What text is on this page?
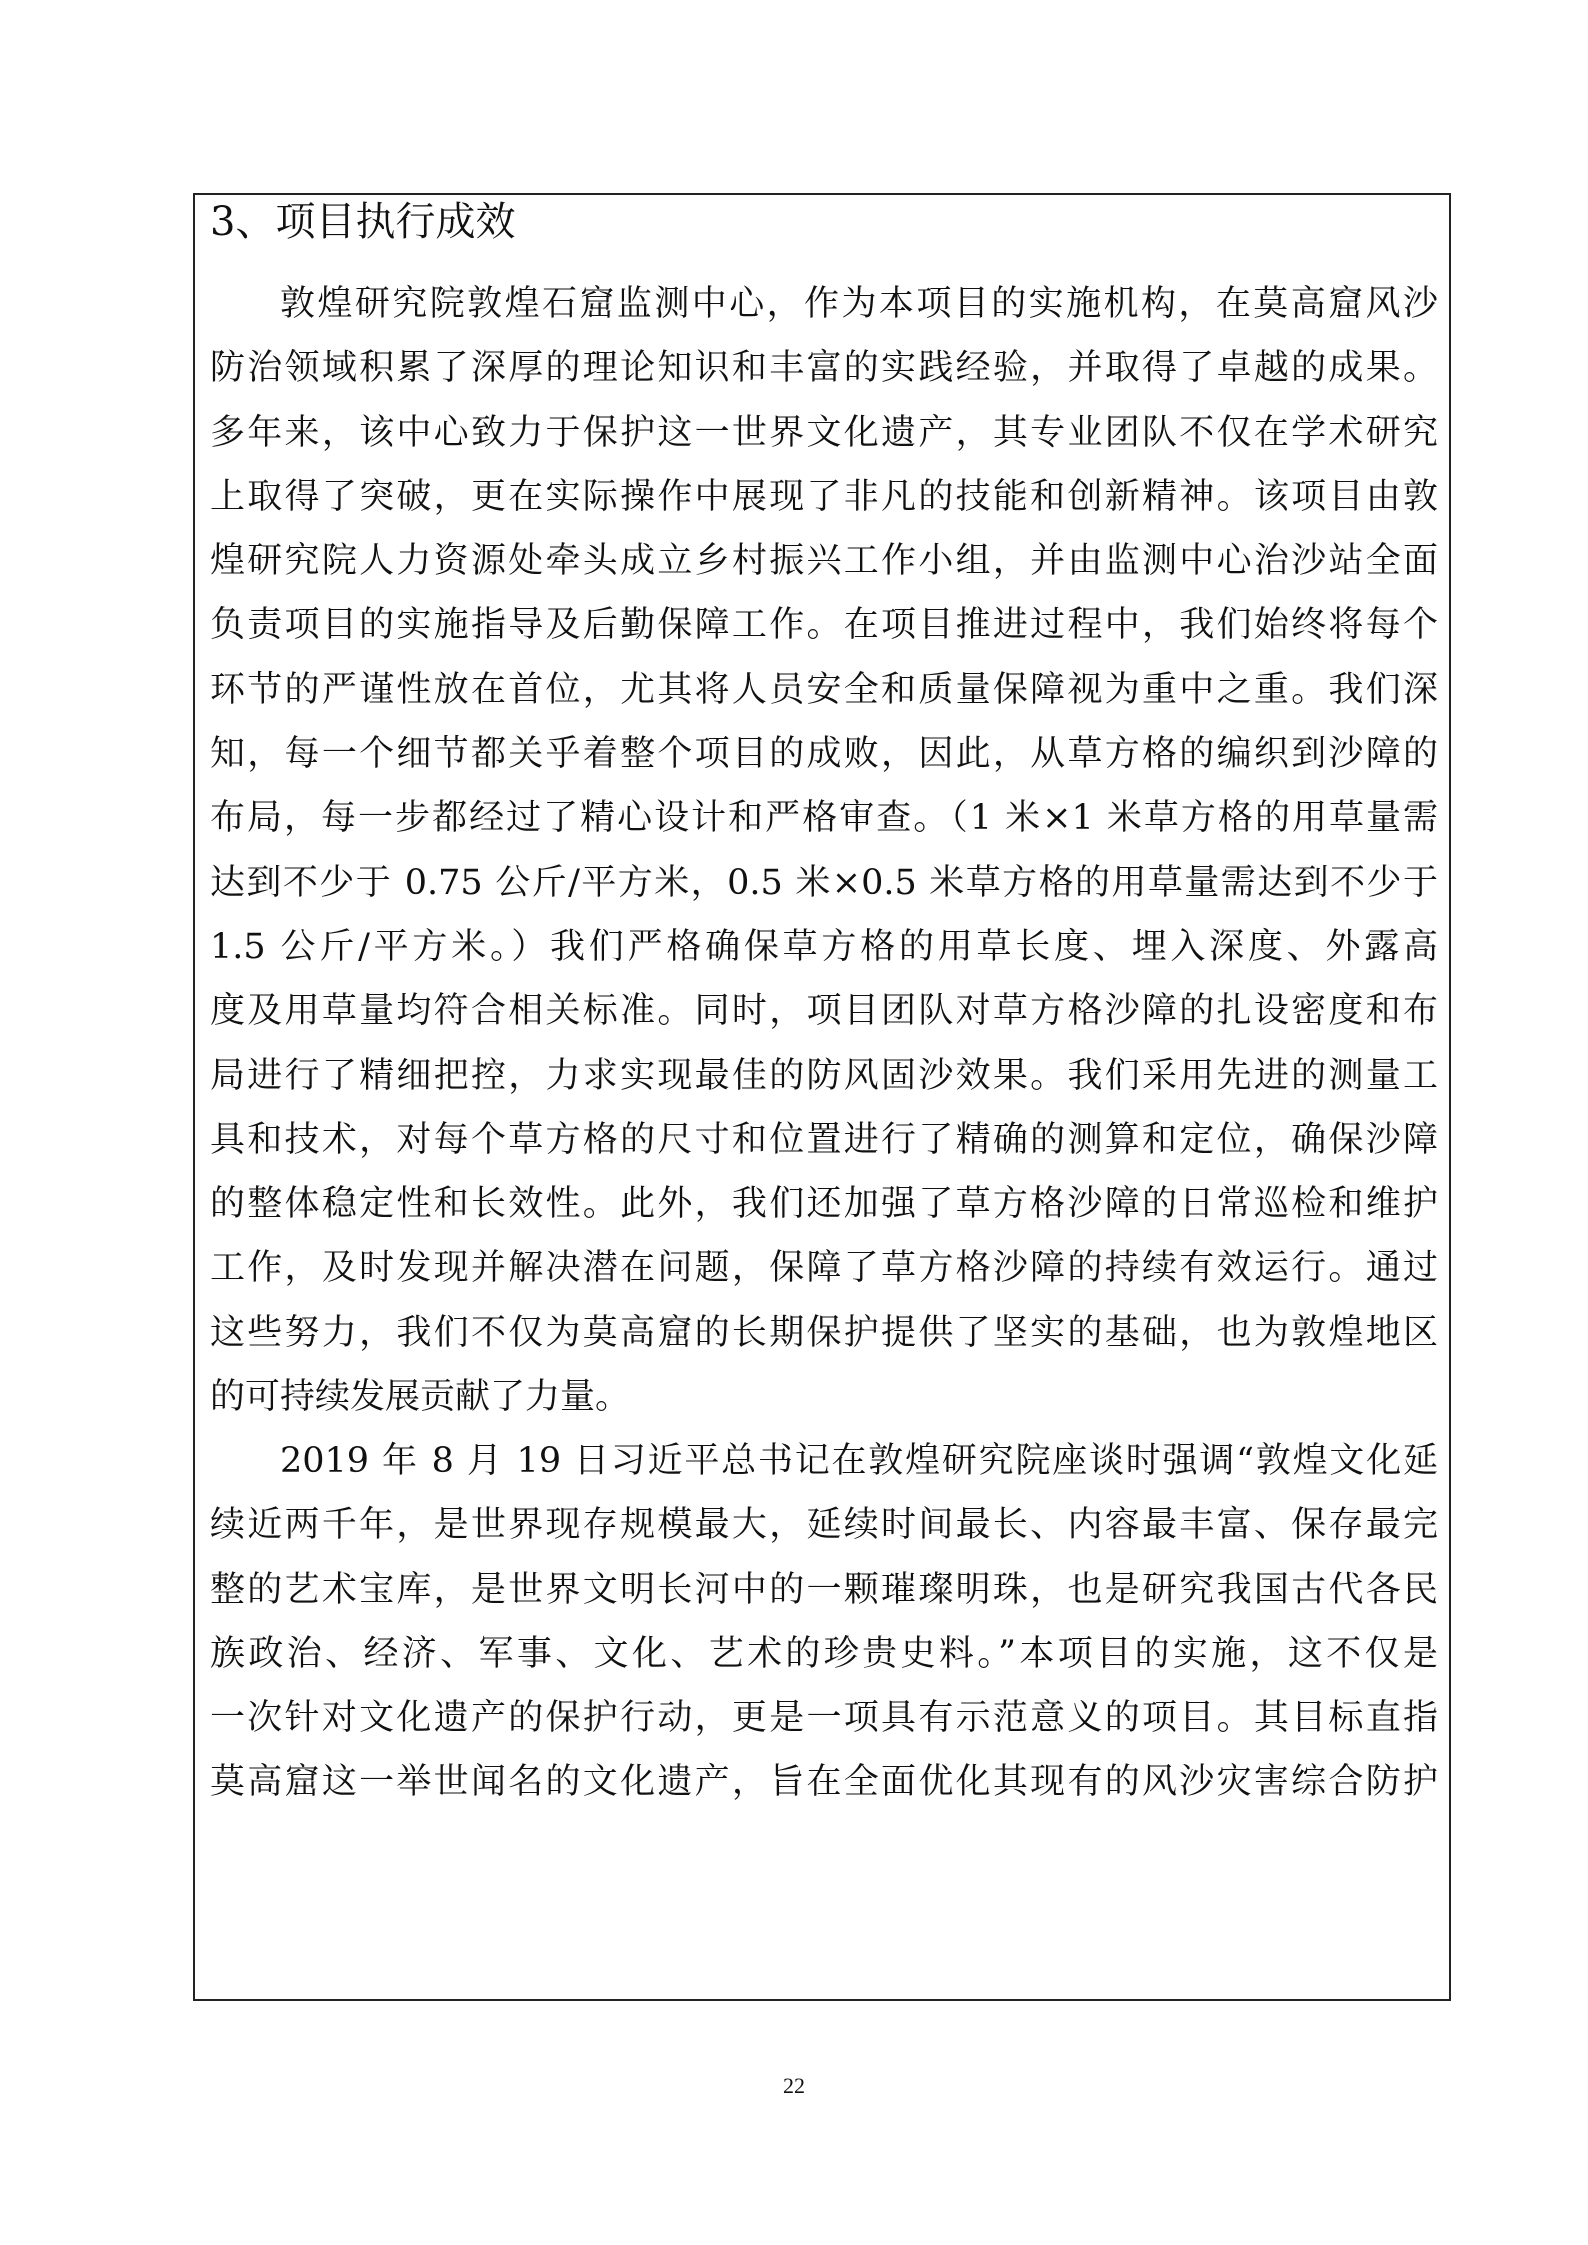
3、项目执行成效
敦煌研究院敦煌石窟监测中心，作为本项目的实施机构，在莫高窟风沙
防治领域积累了深厚的理论知识和丰富的实践经验，并取得了卓越的成果。
多年来，该中心致力于保护这一世界文化遗产，其专业团队不仅在学术研究
上取得了突破，更在实际操作中展现了非凡的技能和创新精神。该项目由敦
煌研究院人力资源处牵头成立乡村振兴工作小组，并由监测中心治沙站全面
负责项目的实施指导及后勤保障工作。在项目推进过程中，我们始终将每个
环节的严谨性放在首位，尤其将人员安全和质量保障视为重中之重。我们深
知，每一个细节都关乎着整个项目的成败，因此，从草方格的编织到沙障的
布局，每一步都经过了精心设计和严格审查。（1 米×1 米草方格的用草量需
达到不少于 0.75 公斤/平方米，0.5 米×0.5 米草方格的用草量需达到不少于
1.5 公斤/平方米。）我们严格确保草方格的用草长度、埋入深度、外露高
度及用草量均符合相关标准。同时，项目团队对草方格沙障的扎设密度和布
局进行了精细把控，力求实现最佳的防风固沙效果。我们采用先进的测量工
具和技术，对每个草方格的尺寸和位置进行了精确的测算和定位，确保沙障
的整体稳定性和长效性。此外，我们还加强了草方格沙障的日常巡检和维护
工作，及时发现并解决潜在问题，保障了草方格沙障的持续有效运行。通过
这些努力，我们不仅为莫高窟的长期保护提供了坚实的基础，也为敦煌地区
的可持续发展贡献了力量。
2019 年 8 月 19 日习近平总书记在敦煌研究院座谈时强调“敦煌文化延
续近两千年，是世界现存规模最大，延续时间最长、内容最丰富、保存最完
整的艺术宝库，是世界文明长河中的一颗璀璨明珠，也是研究我国古代各民
族政治、经济、军事、文化、艺术的珍贵史料。”本项目的实施，这不仅是
一次针对文化遗产的保护行动，更是一项具有示范意义的项目。其目标直指
莫高窟这一举世闻名的文化遗产，旨在全面优化其现有的风沙灾害综合防护
22
